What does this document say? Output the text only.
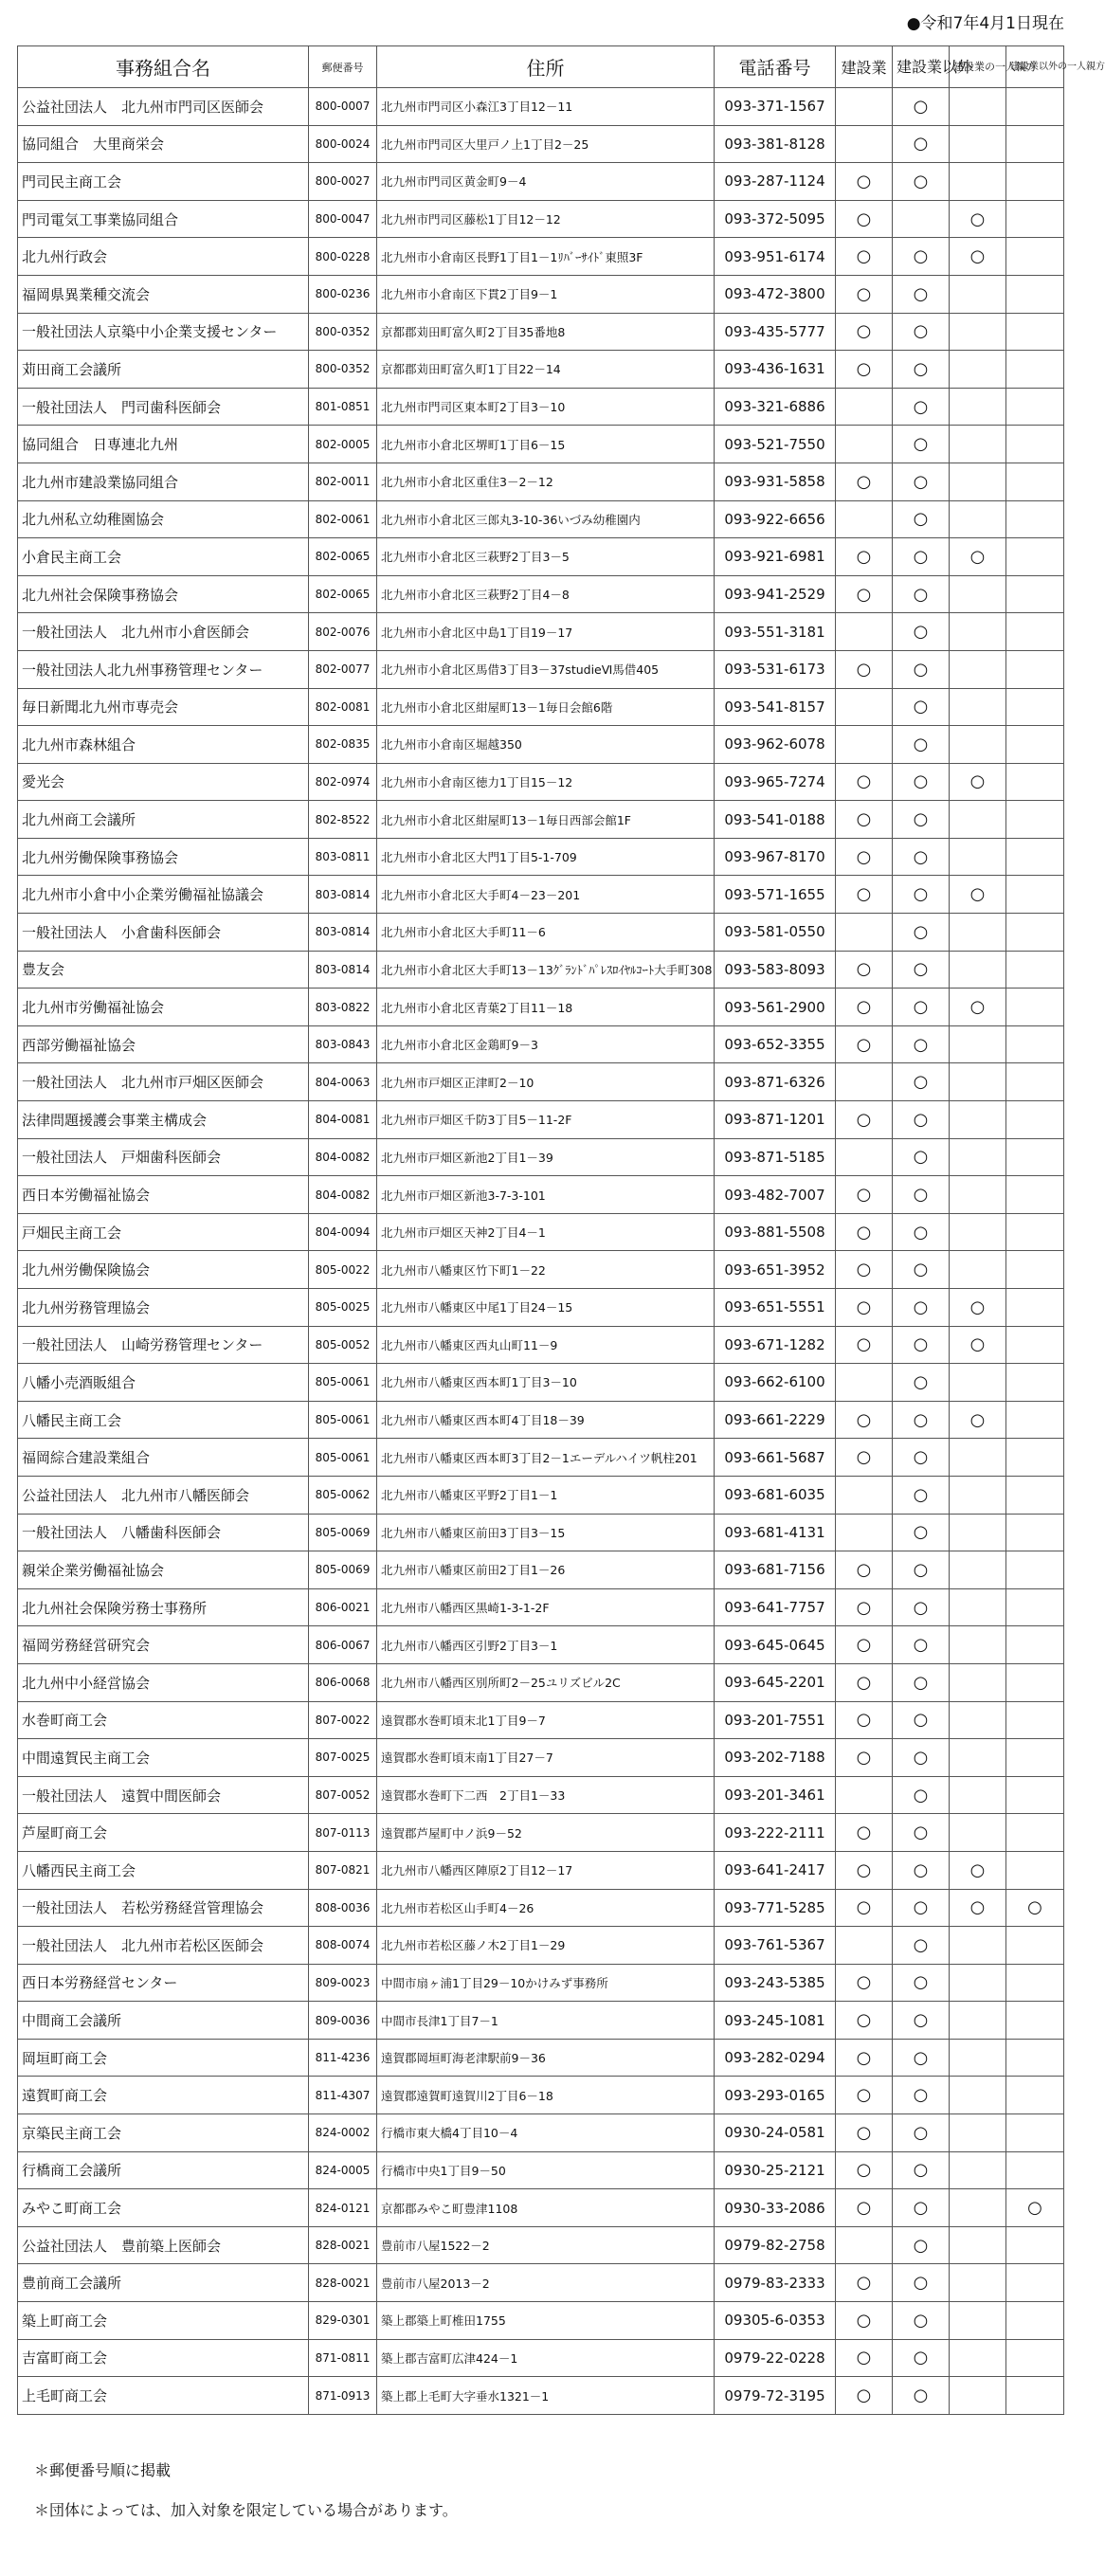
●令和7年4月1日現在
事務組合名	郵便番号	住所	電話番号	建設業	建設業以外	建設業の一人親方	建設業以外の一人親方
公益社団法人　北九州市門司区医師会	800-0007	北九州市門司区小森江3丁目12－11	093-371-1567		○		
協同組合　大里商栄会	800-0024	北九州市門司区大里戸ノ上1丁目2－25	093-381-8128		○		
門司民主商工会	800-0027	北九州市門司区黄金町9－4	093-287-1124	○	○		
門司電気工事業協同組合	800-0047	北九州市門司区藤松1丁目12－12	093-372-5095	○		○	
北九州行政会	800-0228	北九州市小倉南区長野1丁目1－1ﾘﾊﾞｰｻｲﾄﾞ東照3F	093-951-6174	○	○	○	
福岡県異業種交流会	800-0236	北九州市小倉南区下貫2丁目9－1	093-472-3800	○	○		
一般社団法人京築中小企業支援センター	800-0352	京都郡苅田町富久町2丁目35番地8	093-435-5777	○	○		
苅田商工会議所	800-0352	京都郡苅田町富久町1丁目22－14	093-436-1631	○	○		
一般社団法人　門司歯科医師会	801-0851	北九州市門司区東本町2丁目3－10	093-321-6886		○		
協同組合　日専連北九州	802-0005	北九州市小倉北区堺町1丁目6－15	093-521-7550		○		
北九州市建設業協同組合	802-0011	北九州市小倉北区重住3－2－12	093-931-5858	○	○		
北九州私立幼稚園協会	802-0061	北九州市小倉北区三郎丸3-10-36いづみ幼稚園内	093-922-6656		○		
小倉民主商工会	802-0065	北九州市小倉北区三萩野2丁目3－5	093-921-6981	○	○	○	
北九州社会保険事務協会	802-0065	北九州市小倉北区三萩野2丁目4－8	093-941-2529	○	○		
一般社団法人　北九州市小倉医師会	802-0076	北九州市小倉北区中島1丁目19－17	093-551-3181		○		
一般社団法人北九州事務管理センター	802-0077	北九州市小倉北区馬借3丁目3－37studieⅥ馬借405	093-531-6173	○	○		
毎日新聞北九州市専売会	802-0081	北九州市小倉北区紺屋町13－1毎日会館6階	093-541-8157		○		
北九州市森林組合	802-0835	北九州市小倉南区堀越350	093-962-6078		○		
愛光会	802-0974	北九州市小倉南区徳力1丁目15－12	093-965-7274	○	○	○	
北九州商工会議所	802-8522	北九州市小倉北区紺屋町13－1毎日西部会館1F	093-541-0188	○	○		
北九州労働保険事務協会	803-0811	北九州市小倉北区大門1丁目5-1-709	093-967-8170	○	○		
北九州市小倉中小企業労働福祉協議会	803-0814	北九州市小倉北区大手町4－23－201	093-571-1655	○	○	○	
一般社団法人　小倉歯科医師会	803-0814	北九州市小倉北区大手町11－6	093-581-0550		○		
豊友会	803-0814	北九州市小倉北区大手町13－13ｸﾞﾗﾝﾄﾞﾊﾟﾚｽﾛｲﾔﾙｺｰﾄ大手町308	093-583-8093	○	○		
北九州市労働福祉協会	803-0822	北九州市小倉北区青葉2丁目11－18	093-561-2900	○	○	○	
西部労働福祉協会	803-0843	北九州市小倉北区金鶏町9－3	093-652-3355	○	○		
一般社団法人　北九州市戸畑区医師会	804-0063	北九州市戸畑区正津町2－10	093-871-6326		○		
法律問題援護会事業主構成会	804-0081	北九州市戸畑区千防3丁目5－11-2F	093-871-1201	○	○		
一般社団法人　戸畑歯科医師会	804-0082	北九州市戸畑区新池2丁目1－39	093-871-5185		○		
西日本労働福祉協会	804-0082	北九州市戸畑区新池3-7-3-101	093-482-7007	○	○		
戸畑民主商工会	804-0094	北九州市戸畑区天神2丁目4－1	093-881-5508	○	○		
北九州労働保険協会	805-0022	北九州市八幡東区竹下町1－22	093-651-3952	○	○		
北九州労務管理協会	805-0025	北九州市八幡東区中尾1丁目24－15	093-651-5551	○	○	○	
一般社団法人　山崎労務管理センター	805-0052	北九州市八幡東区西丸山町11－9	093-671-1282	○	○	○	
八幡小売酒販組合	805-0061	北九州市八幡東区西本町1丁目3－10	093-662-6100		○		
八幡民主商工会	805-0061	北九州市八幡東区西本町4丁目18－39	093-661-2229	○	○	○	
福岡綜合建設業組合	805-0061	北九州市八幡東区西本町3丁目2－1エーデルハイツ帆柱201	093-661-5687	○	○		
公益社団法人　北九州市八幡医師会	805-0062	北九州市八幡東区平野2丁目1－1	093-681-6035		○		
一般社団法人　八幡歯科医師会	805-0069	北九州市八幡東区前田3丁目3－15	093-681-4131		○		
親栄企業労働福祉協会	805-0069	北九州市八幡東区前田2丁目1－26	093-681-7156	○	○		
北九州社会保険労務士事務所	806-0021	北九州市八幡西区黒崎1-3-1-2F	093-641-7757	○	○		
福岡労務経営研究会	806-0067	北九州市八幡西区引野2丁目3－1	093-645-0645	○	○		
北九州中小経営協会	806-0068	北九州市八幡西区別所町2－25ユリズビル2C	093-645-2201	○	○		
水巻町商工会	807-0022	遠賀郡水巻町頃末北1丁目9－7	093-201-7551	○	○		
中間遠賀民主商工会	807-0025	遠賀郡水巻町頃末南1丁目27－7	093-202-7188	○	○		
一般社団法人　遠賀中間医師会	807-0052	遠賀郡水巻町下二西　2丁目1－33	093-201-3461		○		
芦屋町商工会	807-0113	遠賀郡芦屋町中ノ浜9－52	093-222-2111	○	○		
八幡西民主商工会	807-0821	北九州市八幡西区陣原2丁目12－17	093-641-2417	○	○	○	
一般社団法人　若松労務経営管理協会	808-0036	北九州市若松区山手町4－26	093-771-5285	○	○	○	○
一般社団法人　北九州市若松区医師会	808-0074	北九州市若松区藤ノ木2丁目1－29	093-761-5367		○		
西日本労務経営センター	809-0023	中間市扇ヶ浦1丁目29－10かけみず事務所	093-243-5385	○	○		
中間商工会議所	809-0036	中間市長津1丁目7－1	093-245-1081	○	○		
岡垣町商工会	811-4236	遠賀郡岡垣町海老津駅前9－36	093-282-0294	○	○		
遠賀町商工会	811-4307	遠賀郡遠賀町遠賀川2丁目6－18	093-293-0165	○	○		
京築民主商工会	824-0002	行橋市東大橋4丁目10－4	0930-24-0581	○	○		
行橋商工会議所	824-0005	行橋市中央1丁目9－50	0930-25-2121	○	○		
みやこ町商工会	824-0121	京都郡みやこ町豊津1108	0930-33-2086	○	○		○
公益社団法人　豊前築上医師会	828-0021	豊前市八屋1522－2	0979-82-2758		○		
豊前商工会議所	828-0021	豊前市八屋2013－2	0979-83-2333	○	○		
築上町商工会	829-0301	築上郡築上町椎田1755	09305-6-0353	○	○		
吉富町商工会	871-0811	築上郡吉富町広津424－1	0979-22-0228	○	○		
上毛町商工会	871-0913	築上郡上毛町大字垂水1321－1	0979-72-3195	○	○		

＊郵便番号順に掲載

＊団体によっては、加入対象を限定している場合があります。
